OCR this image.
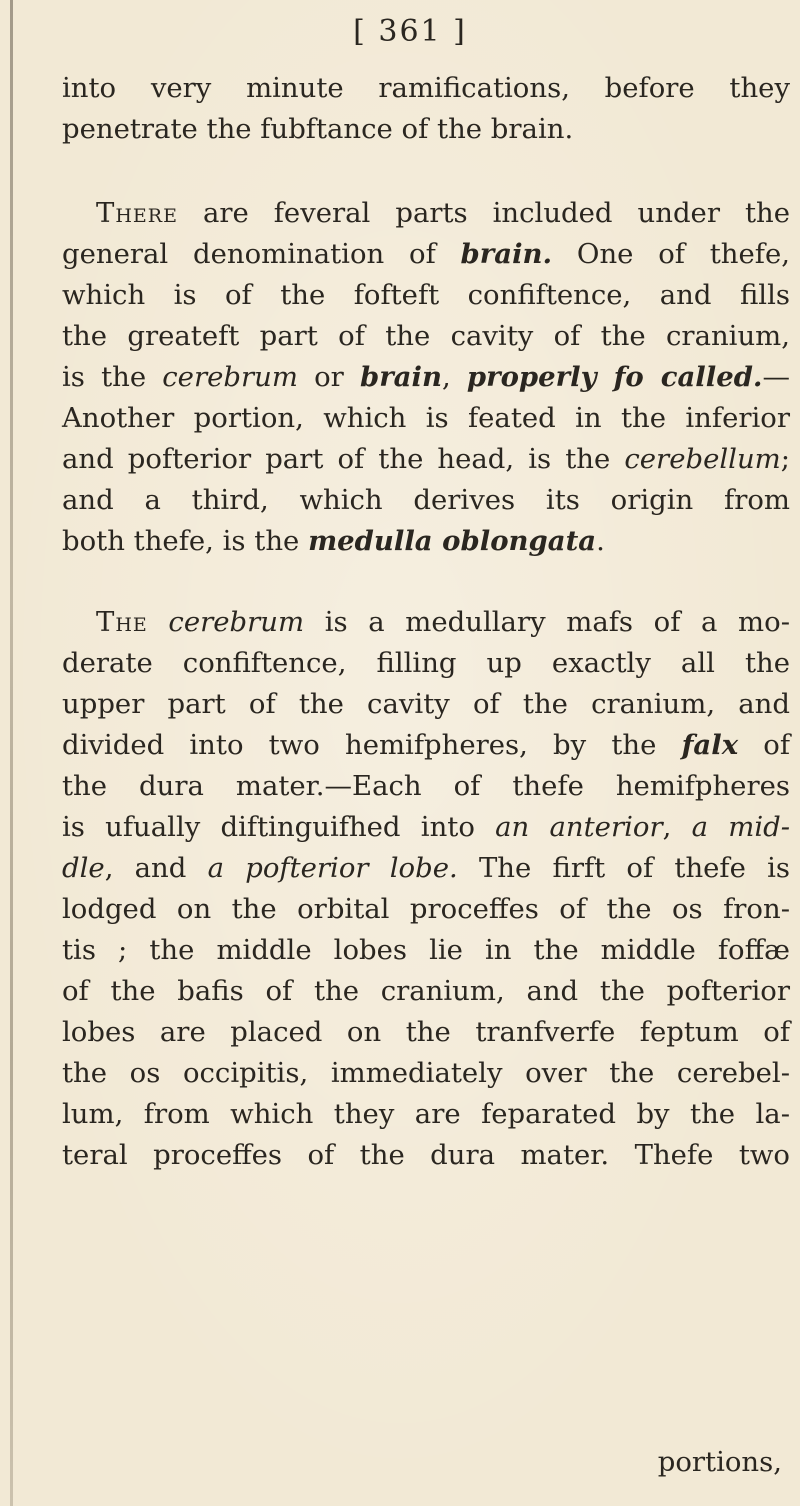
[ 361 ]
into very minute ramifications, before they
penetrate the fubftance of the brain.
There are feveral parts included under the
general denomination of brain. One of thefe,
which is of the fofteft confiftence, and fills
the greateft part of the cavity of the cranium,
is the cerebrum or brain, properly fo called.—
Another portion, which is feated in the inferior
and pofterior part of the head, is the cerebellum;
and a third, which derives its origin from
both thefe, is the medulla oblongata.
The cerebrum is a medullary mafs of a mo-
derate confiftence, filling up exactly all the
upper part of the cavity of the cranium, and
divided into two hemifpheres, by the falx of
the dura mater.—Each of thefe hemifpheres
is ufually diftinguifhed into an anterior, a mid-
dle, and a pofterior lobe. The firft of thefe is
lodged on the orbital proceffes of the os fron-
tis ; the middle lobes lie in the middle foffæ
of the bafis of the cranium, and the pofterior
lobes are placed on the tranfverfe feptum of
the os occipitis, immediately over the cerebel-
lum, from which they are feparated by the la-
teral proceffes of the dura mater. Thefe two
portions,
